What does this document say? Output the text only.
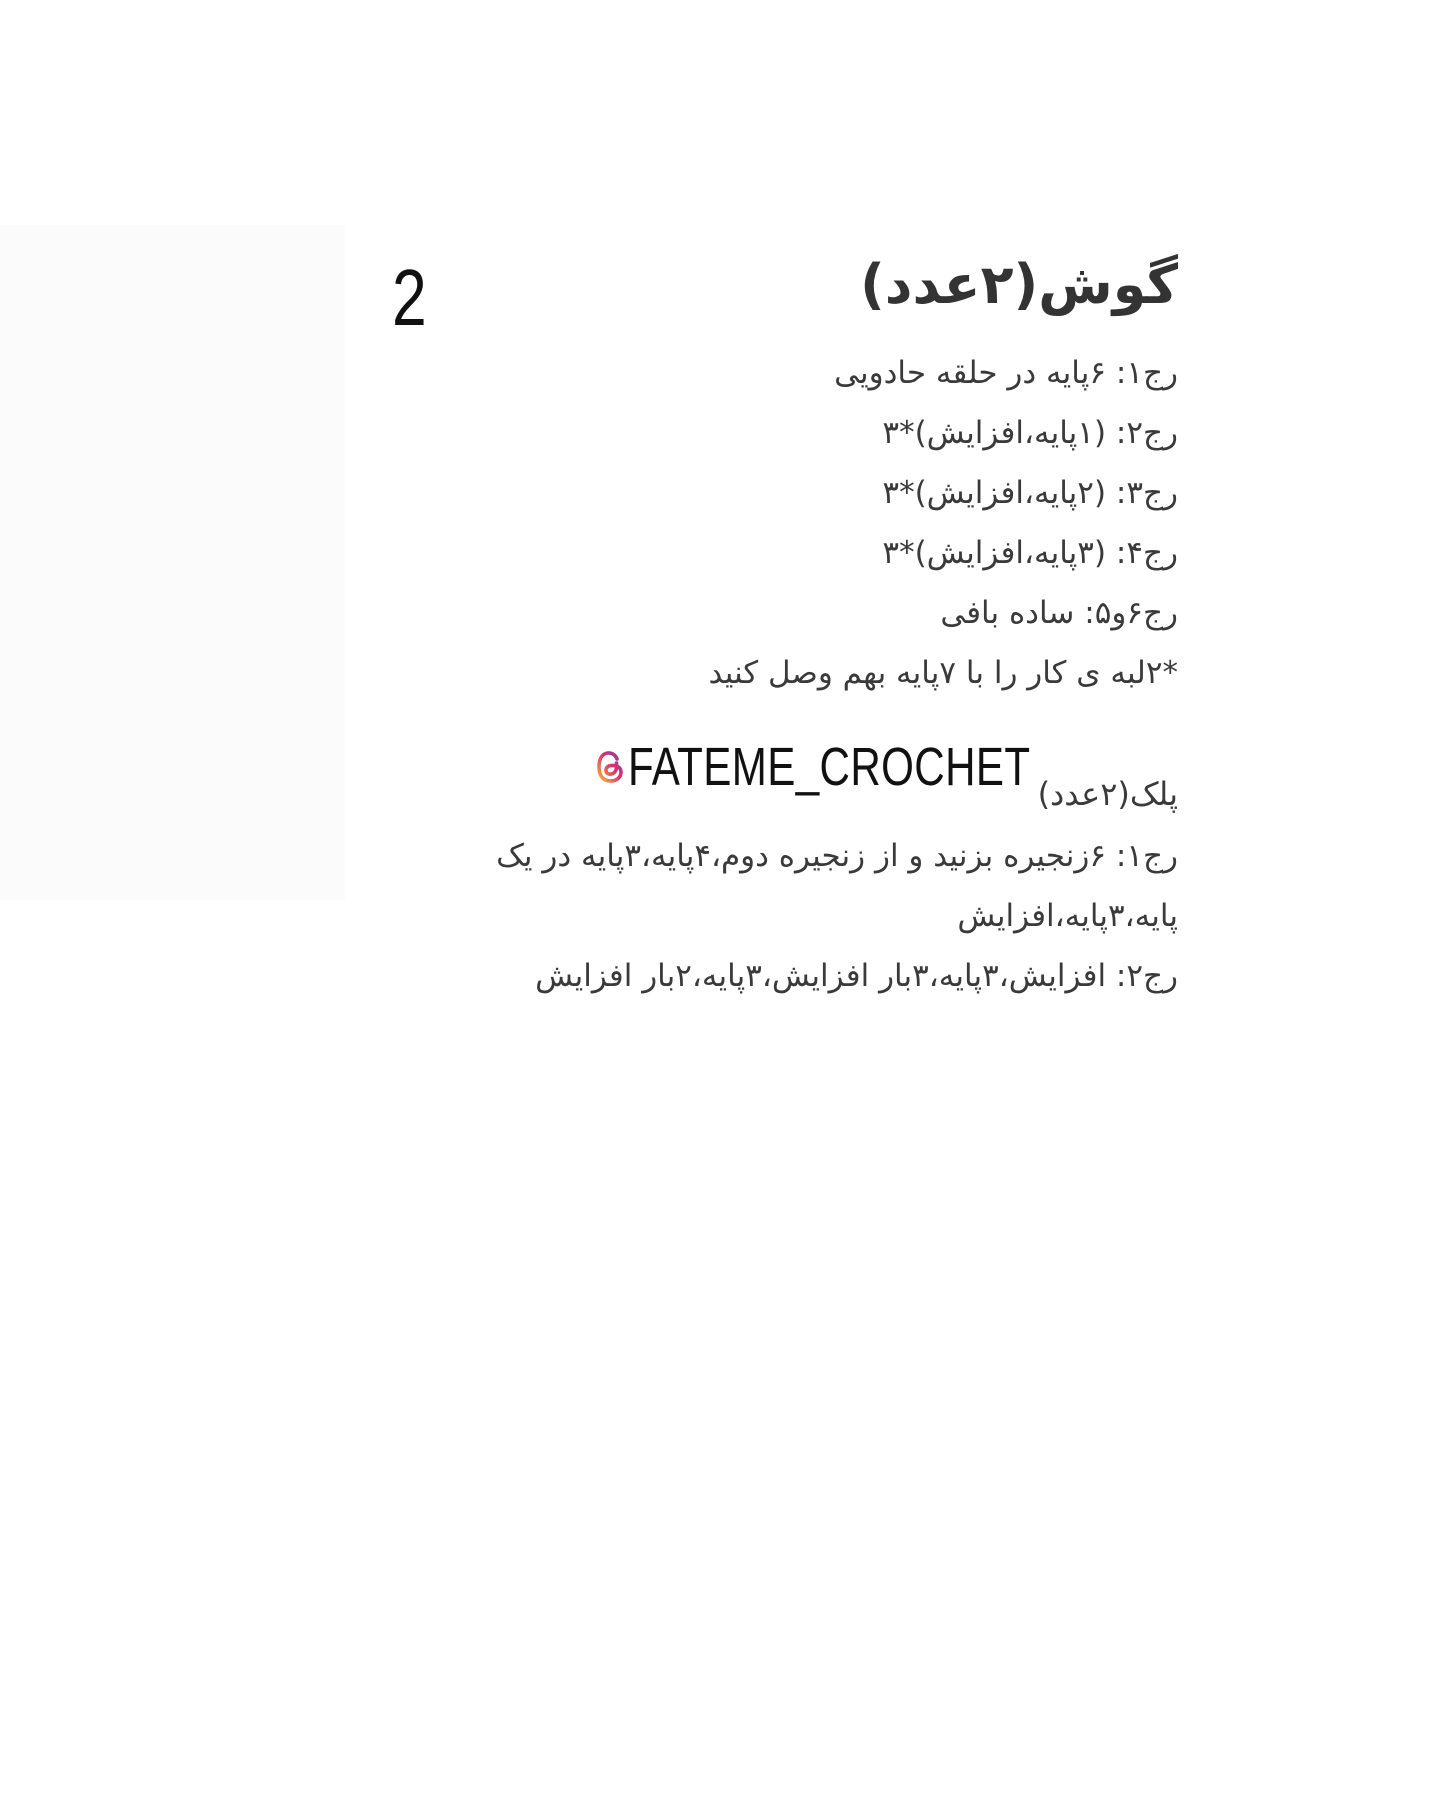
2	گوش(۲عدد)
رج۱: ۶پایه در حلقه حادویی
رج۲: (۱پایه،افزایش)*۳
رج۳: (۲پایه،افزایش)*۳
رج۴: (۳پایه،افزایش)*۳
رج۶و۵: ساده بافی
*۲لبه ی کار را با ۷پایه بهم وصل کنید
FATEME_CROCHET پلک(۲عدد)
رج۱: ۶زنجیره بزنید و از زنجیره دوم،۴پایه،۳پایه در یک
پایه،۳پایه،افزایش
رج۲: افزایش،۳پایه،۳بار افزایش،۳پایه،۲بار افزایش
